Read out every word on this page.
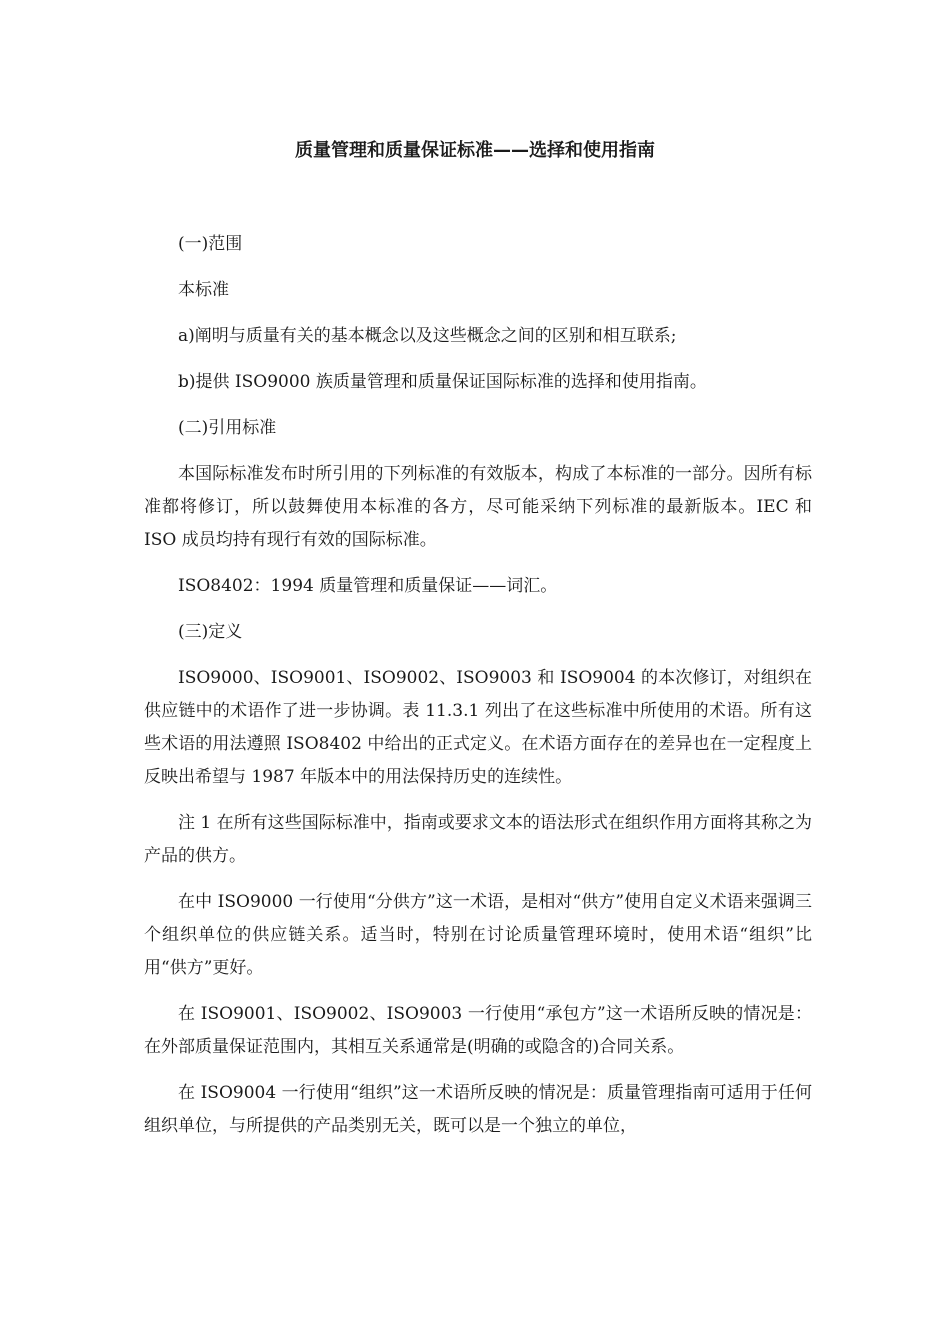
质量管理和质量保证标准——选择和使用指南

(一)范围

本标准

a)阐明与质量有关的基本概念以及这些概念之间的区别和相互联系;

b)提供 ISO9000 族质量管理和质量保证国际标准的选择和使用指南。

(二)引用标准

本国际标准发布时所引用的下列标准的有效版本，构成了本标准的一部分。因所有标准都将修订，所以鼓舞使用本标准的各方，尽可能采纳下列标准的最新版本。IEC 和 ISO 成员均持有现行有效的国际标准。

ISO8402：1994 质量管理和质量保证——词汇。

(三)定义

ISO9000、ISO9001、ISO9002、ISO9003 和 ISO9004 的本次修订，对组织在供应链中的术语作了进一步协调。表 11.3.1 列出了在这些标准中所使用的术语。所有这些术语的用法遵照 ISO8402 中给出的正式定义。在术语方面存在的差异也在一定程度上反映出希望与 1987 年版本中的用法保持历史的连续性。

注 1 在所有这些国际标准中，指南或要求文本的语法形式在组织作用方面将其称之为产品的供方。

在中 ISO9000 一行使用“分供方”这一术语，是相对“供方”使用自定义术语来强调三个组织单位的供应链关系。适当时，特别在讨论质量管理环境时，使用术语“组织”比用“供方”更好。

在 ISO9001、ISO9002、ISO9003 一行使用“承包方”这一术语所反映的情况是：在外部质量保证范围内，其相互关系通常是(明确的或隐含的)合同关系。

在 ISO9004 一行使用“组织”这一术语所反映的情况是：质量管理指南可适用于任何组织单位，与所提供的产品类别无关，既可以是一个独立的单位，
